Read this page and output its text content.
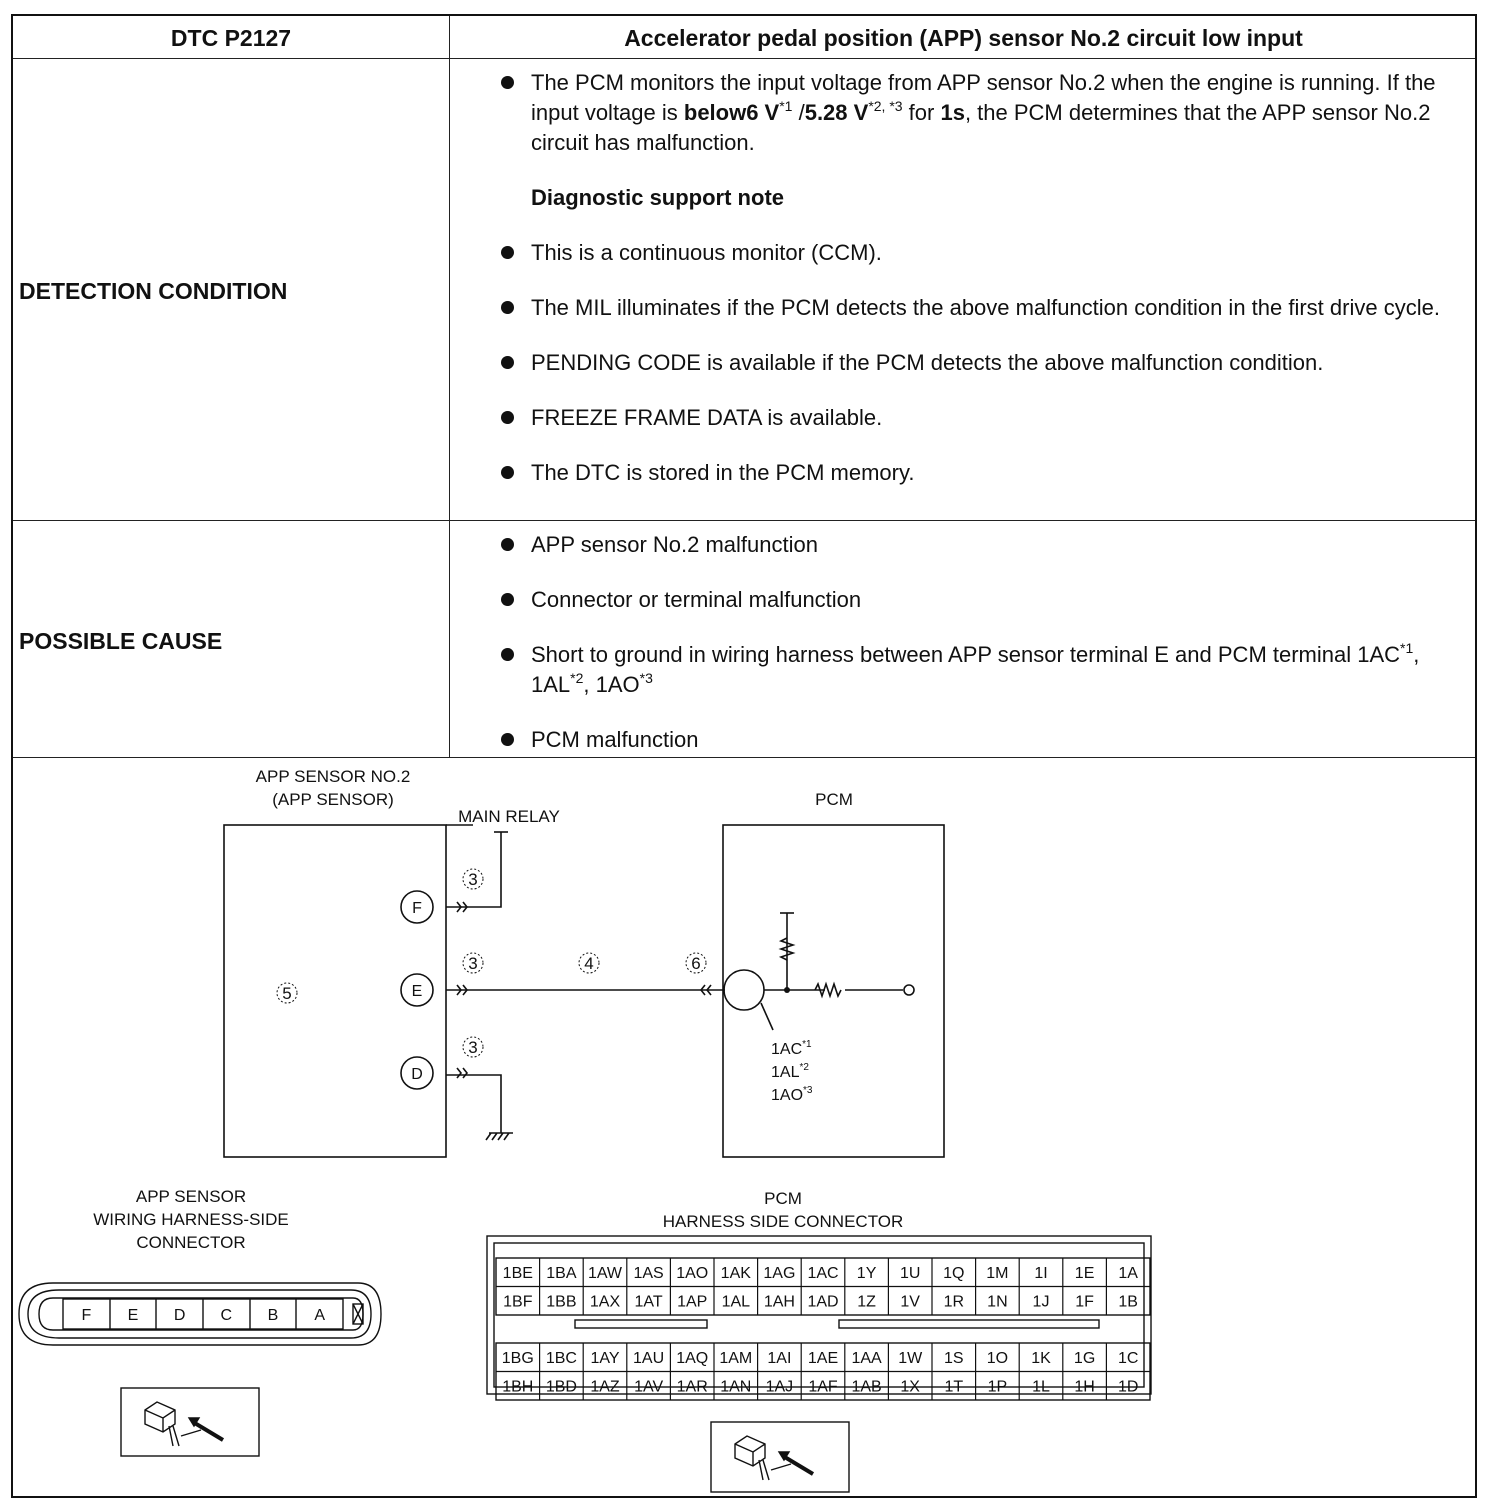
DTC P2127	Accelerator pedal position (APP) sensor No.2 circuit low input
DETECTION CONDITION
The PCM monitors the input voltage from APP sensor No.2 when the engine is running. If the input voltage is below6 $V^{*1}$ /5.28 $V^{*2, *3}$ for 1s, the PCM determines that the APP sensor No.2 circuit has malfunction.
Diagnostic support note
This is a continuous monitor (CCM).
The MIL illuminates if the PCM detects the above malfunction condition in the first drive cycle.
PENDING CODE is available if the PCM detects the above malfunction condition.
FREEZE FRAME DATA is available.
The DTC is stored in the PCM memory.
POSSIBLE CAUSE
APP sensor No.2 malfunction
Connector or terminal malfunction
Short to ground in wiring harness between APP sensor terminal E and PCM terminal 1AC$^{*1}$, 1AL$^{*2}$, 1AO$^{*3}$
PCM malfunction
APP SENSOR NO.2
(APP SENSOR)
MAIN RELAY
PCM
F
E
D
3
3
3
4
5
6
1AC$^{*1}$
1AL$^{*2}$
1AO$^{*3}$
APP SENSOR
WIRING HARNESS-SIDE
CONNECTOR
F E D C B A
PCM
HARNESS SIDE CONNECTOR
1BE 1BA 1AW 1AS 1AO 1AK 1AG 1AC 1Y 1U 1Q 1M 1I 1E 1A
1BF 1BB 1AX 1AT 1AP 1AL 1AH 1AD 1Z 1V 1R 1N 1J 1F 1B
1BG 1BC 1AY 1AU 1AQ 1AM 1AI 1AE 1AA 1W 1S 1O 1K 1G 1C
1BH 1BD 1AZ 1AV 1AR 1AN 1AJ 1AF 1AB 1X 1T 1P 1L 1H 1D
